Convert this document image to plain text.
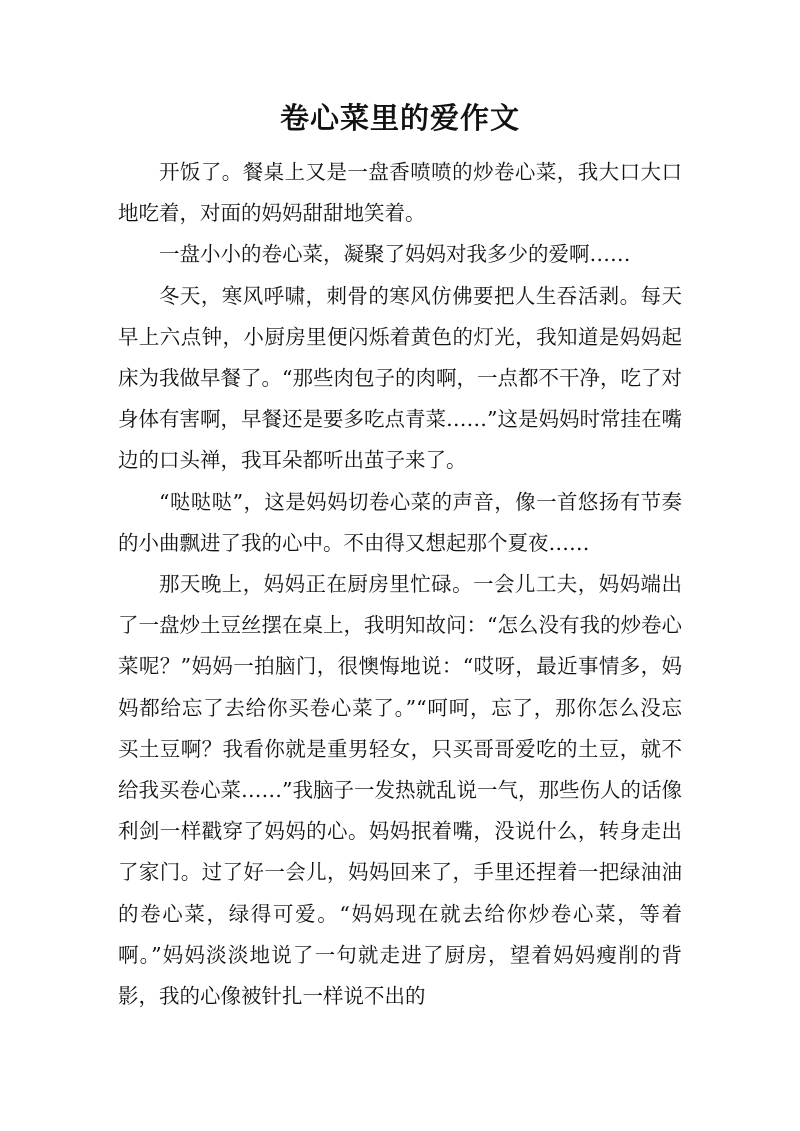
卷心菜里的爱作文

开饭了。餐桌上又是一盘香喷喷的炒卷心菜，我大口大口地吃着，对面的妈妈甜甜地笑着。

一盘小小的卷心菜，凝聚了妈妈对我多少的爱啊……

冬天，寒风呼啸，刺骨的寒风仿佛要把人生吞活剥。每天早上六点钟，小厨房里便闪烁着黄色的灯光，我知道是妈妈起床为我做早餐了。“那些肉包子的肉啊，一点都不干净，吃了对身体有害啊，早餐还是要多吃点青菜……”这是妈妈时常挂在嘴边的口头禅，我耳朵都听出茧子来了。

“哒哒哒”，这是妈妈切卷心菜的声音，像一首悠扬有节奏的小曲飘进了我的心中。不由得又想起那个夏夜……

那天晚上，妈妈正在厨房里忙碌。一会儿工夫，妈妈端出了一盘炒土豆丝摆在桌上，我明知故问：“怎么没有我的炒卷心菜呢？”妈妈一拍脑门，很懊悔地说：“哎呀，最近事情多，妈妈都给忘了去给你买卷心菜了。”“呵呵，忘了，那你怎么没忘买土豆啊？我看你就是重男轻女，只买哥哥爱吃的土豆，就不给我买卷心菜……”我脑子一发热就乱说一气，那些伤人的话像利剑一样戳穿了妈妈的心。妈妈抿着嘴，没说什么，转身走出了家门。过了好一会儿，妈妈回来了，手里还捏着一把绿油油的卷心菜，绿得可爱。“妈妈现在就去给你炒卷心菜，等着啊。”妈妈淡淡地说了一句就走进了厨房，望着妈妈瘦削的背影，我的心像被针扎一样说不出的
